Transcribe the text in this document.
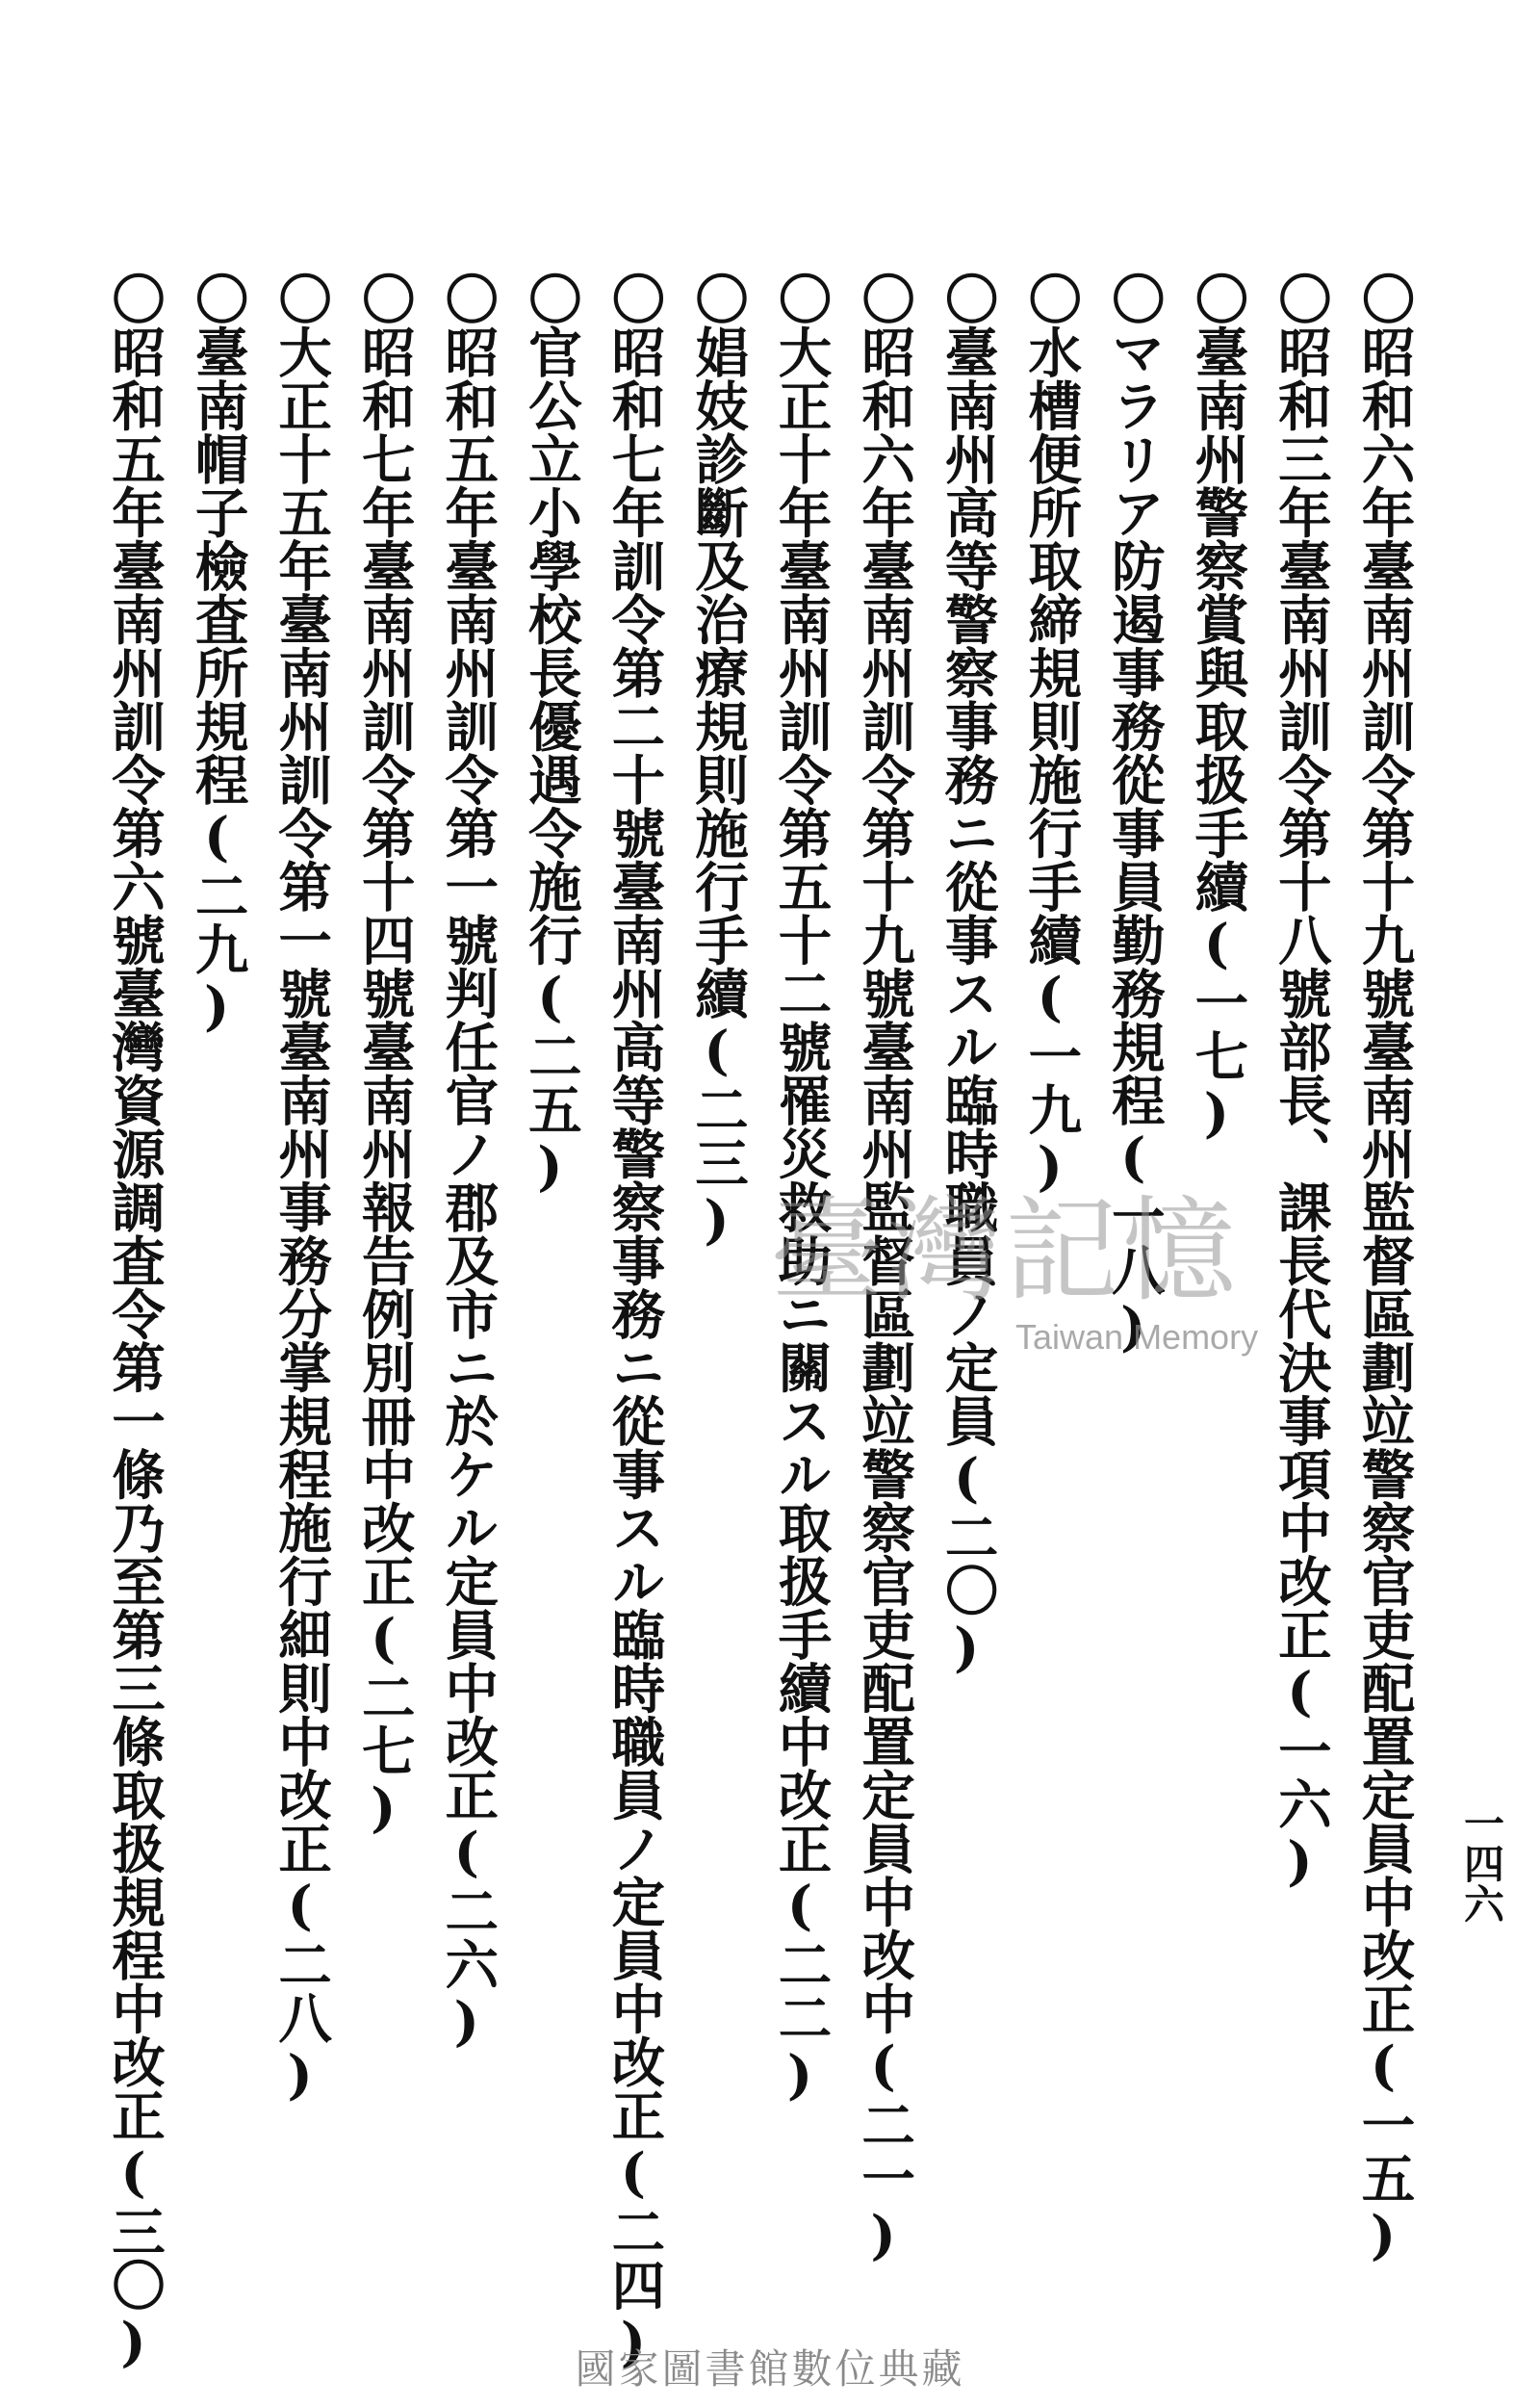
〇昭和六年臺南州訓令第十九號臺南州監督區劃竝警察官吏配置定員中改正(一五)
〇昭和三年臺南州訓令第十八號部長、課長代決事項中改正(一六)
〇臺南州警察賞與取扱手續(一七)
〇マラリア防遏事務從事員勤務規程(一八)
〇水槽便所取締規則施行手續(一九)
〇臺南州高等警察事務ニ從事スル臨時職員ノ定員(二〇)
〇昭和六年臺南州訓令第十九號臺南州監督區劃竝警察官吏配置定員中改中(二一)
〇大正十年臺南州訓令第五十二號罹災救助ニ關スル取扱手續中改正(二二)
〇娼妓診斷及治療規則施行手續(二三)
〇昭和七年訓令第二十號臺南州高等警察事務ニ從事スル臨時職員ノ定員中改正(二四)
〇官公立小學校長優遇令施行(二五)
〇昭和五年臺南州訓令第一號判任官ノ郡及市ニ於ケル定員中改正(二六)
〇昭和七年臺南州訓令第十四號臺南州報告例別冊中改正(二七)
〇大正十五年臺南州訓令第一號臺南州事務分掌規程施行細則中改正(二八)
〇臺南帽子檢査所規程(二九)
〇昭和五年臺南州訓令第六號臺灣資源調査令第一條乃至第三條取扱規程中改正(三〇)	一四六
臺灣記憶
Taiwan Memory
國家圖書館數位典藏
